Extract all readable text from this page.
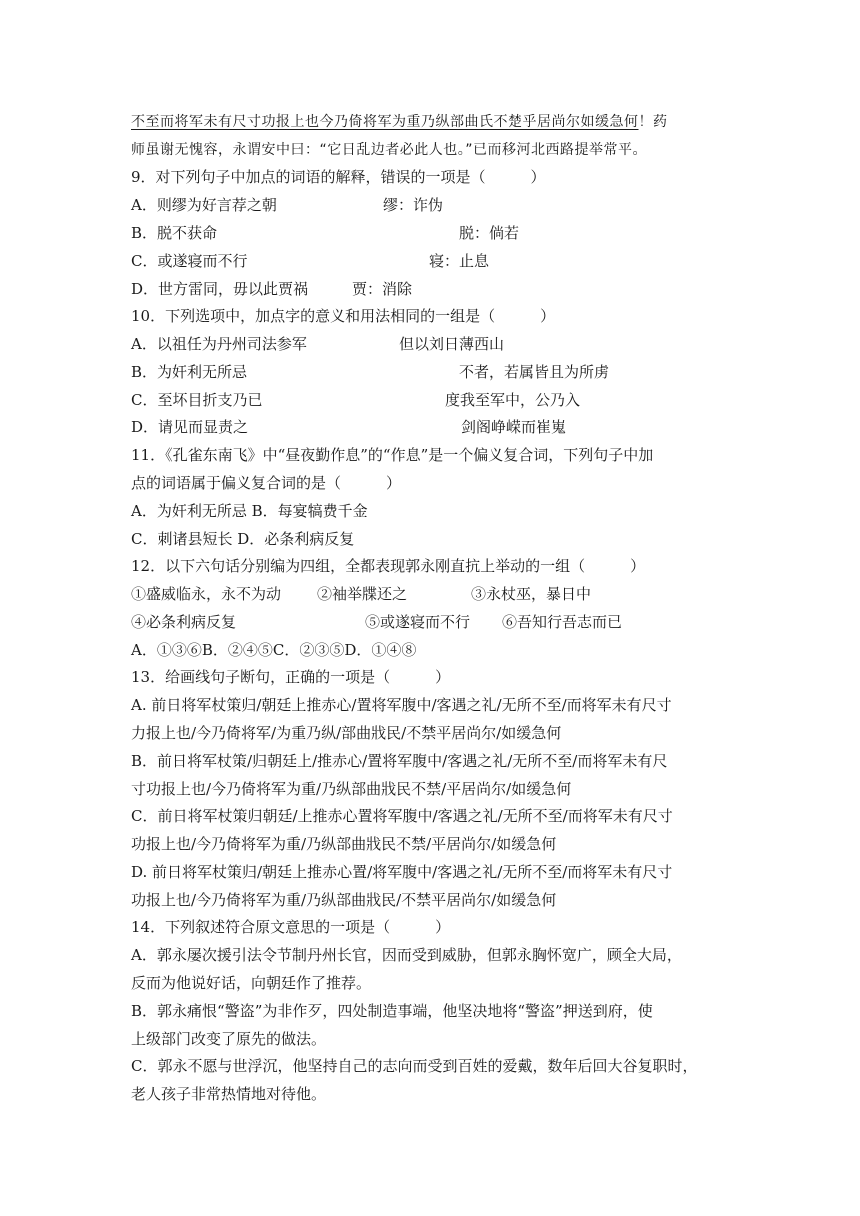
不至而将军未有尺寸功报上也今乃倚将军为重乃纵部曲氏不楚乎居尚尔如缓急何！药
师虽谢无愧容，永谓安中曰：“它日乱边者必此人也。”已而移河北西路提举常平。
9．对下列句子中加点的词语的解释，错误的一项是（　　　）
A．则缪为好言荐之朝	缪：诈伪
B．脱不获命	脱：倘若
C．或遂寝而不行	寝：止息
D．世方雷同，毋以此贾祸	贾：消除
10．下列选项中，加点字的意义和用法相同的一组是（　　　）
A．以祖任为丹州司法参军	但以刘日薄西山
B．为奸利无所忌	不者，若属皆且为所虏
C．至坏目折支乃已	度我至军中，公乃入
D．请见而显责之	剑阁峥嵘而崔嵬
11．《孔雀东南飞》中“昼夜勤作息”的“作息”是一个偏义复合词，下列句子中加
点的词语属于偏义复合词的是（　　　）
A．为奸利无所忌 B．每宴犒费千金
C．刺诸县短长 D．必条利病反复
12．以下六句话分别编为四组，全都表现郭永刚直抗上举动的一组（　　　）
①盛威临永，永不为动 ②袖举牒还之	③永杖巫，暴日中
④必条利病反复	⑤或遂寝而不行 ⑥吾知行吾志而已
A．①③⑥B．②④⑤C．②③⑤D．①④⑧
13．给画线句子断句，正确的一项是（　　　）
A. 前日将军杖策归/朝廷上推赤心/置将军腹中/客遇之礼/无所不至/而将军未有尺寸
力报上也/今乃倚将军/为重乃纵/部曲戕民/不禁平居尚尔/如缓急何
B．前日将军杖策/归朝廷上/推赤心/置将军腹中/客遇之礼/无所不至/而将军未有尺
寸功报上也/今乃倚将军为重/乃纵部曲戕民不禁/平居尚尔/如缓急何
C．前日将军杖策归朝廷/上推赤心置将军腹中/客遇之礼/无所不至/而将军未有尺寸
功报上也/今乃倚将军为重/乃纵部曲戕民不禁/平居尚尔/如缓急何
D. 前日将军杖策归/朝廷上推赤心置/将军腹中/客遇之礼/无所不至/而将军未有尺寸
功报上也/今乃倚将军为重/乃纵部曲戕民/不禁平居尚尔/如缓急何
14．下列叙述符合原文意思的一项是（　　　）
A．郭永屡次援引法令节制丹州长官，因而受到威胁，但郭永胸怀宽广，顾全大局，
反而为他说好话，向朝廷作了推荐。
B．郭永痛恨“警盗”为非作歹，四处制造事端，他坚决地将“警盗”押送到府，使
上级部门改变了原先的做法。
C．郭永不愿与世浮沉，他坚持自己的志向而受到百姓的爱戴，数年后回大谷复职时，
老人孩子非常热情地对待他。
